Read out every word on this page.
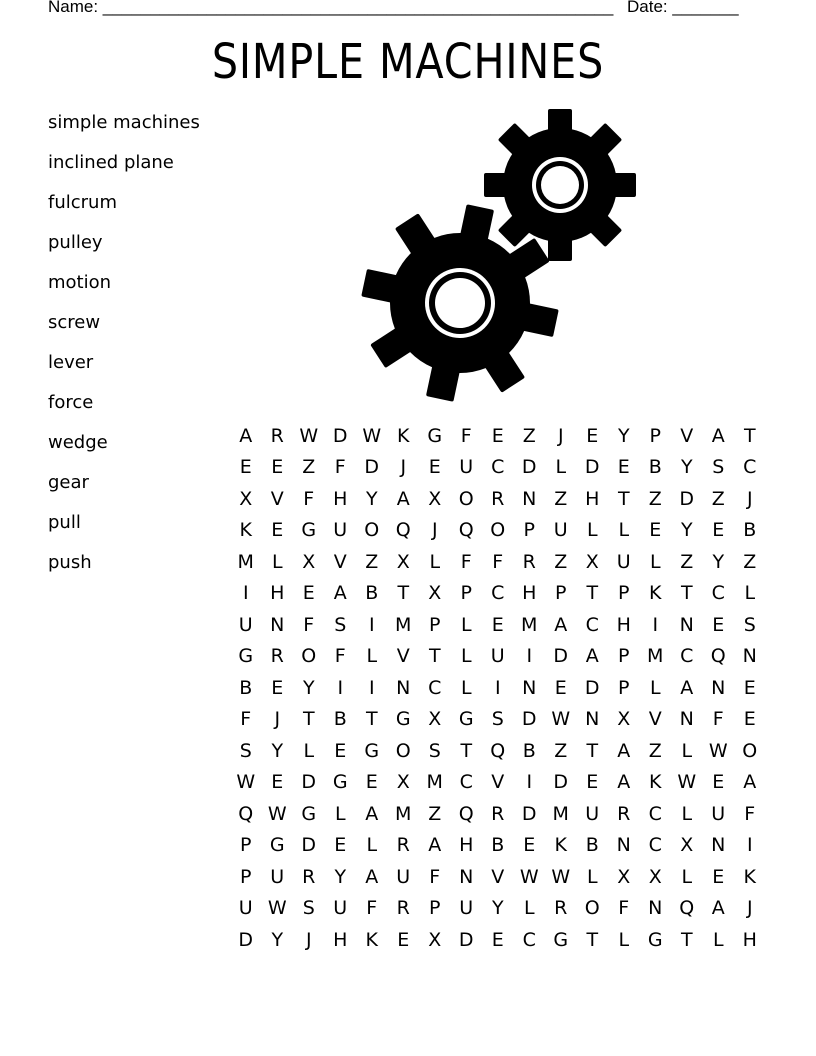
Name: ______________________________________________________ Date: _______
SIMPLE MACHINES
simple machines
inclined plane
fulcrum
pulley
motion
screw
lever
force
wedge
gear
pull
push
A R W D W K G F	E Z	J	E	Y	P	V A	T
E	E Z	F D	J	E U C D L D E B	Y	S C
X V	F H Y	A X O R N Z H T	Z D Z	J
K	E G U O Q	J	Q O P U	L	L	E	Y	E B
M L	X V Z X	L	F	F	R Z X U	L	Z	Y	Z
I	H E	A B	T	X	P	C H P	T	P	K	T	C	L
U N F	S	I	M P	L	E M A C H	I	N E	S
G R O F	L	V	T	L	U	I	D A	P M C Q N
B E	Y	I	I	N C	L	I	N E D P	L	A N E
F	J	T	B	T G X G S D W N X V N F	E
S	Y	L	E G O S	T Q B Z	T	A Z	L W O
W E D G E X M C V	I	D E	A K W E	A
Q W G L	A M Z Q R D M U R C	L	U	F
P G D E	L	R A H B E	K B N C X N	I
P U R	Y	A U	F N V W W L	X X	L	E	K
U W S U	F	R	P U Y	L	R O F N Q A	J
D Y	J	H K	E X D E C G T	L G T	L	H
